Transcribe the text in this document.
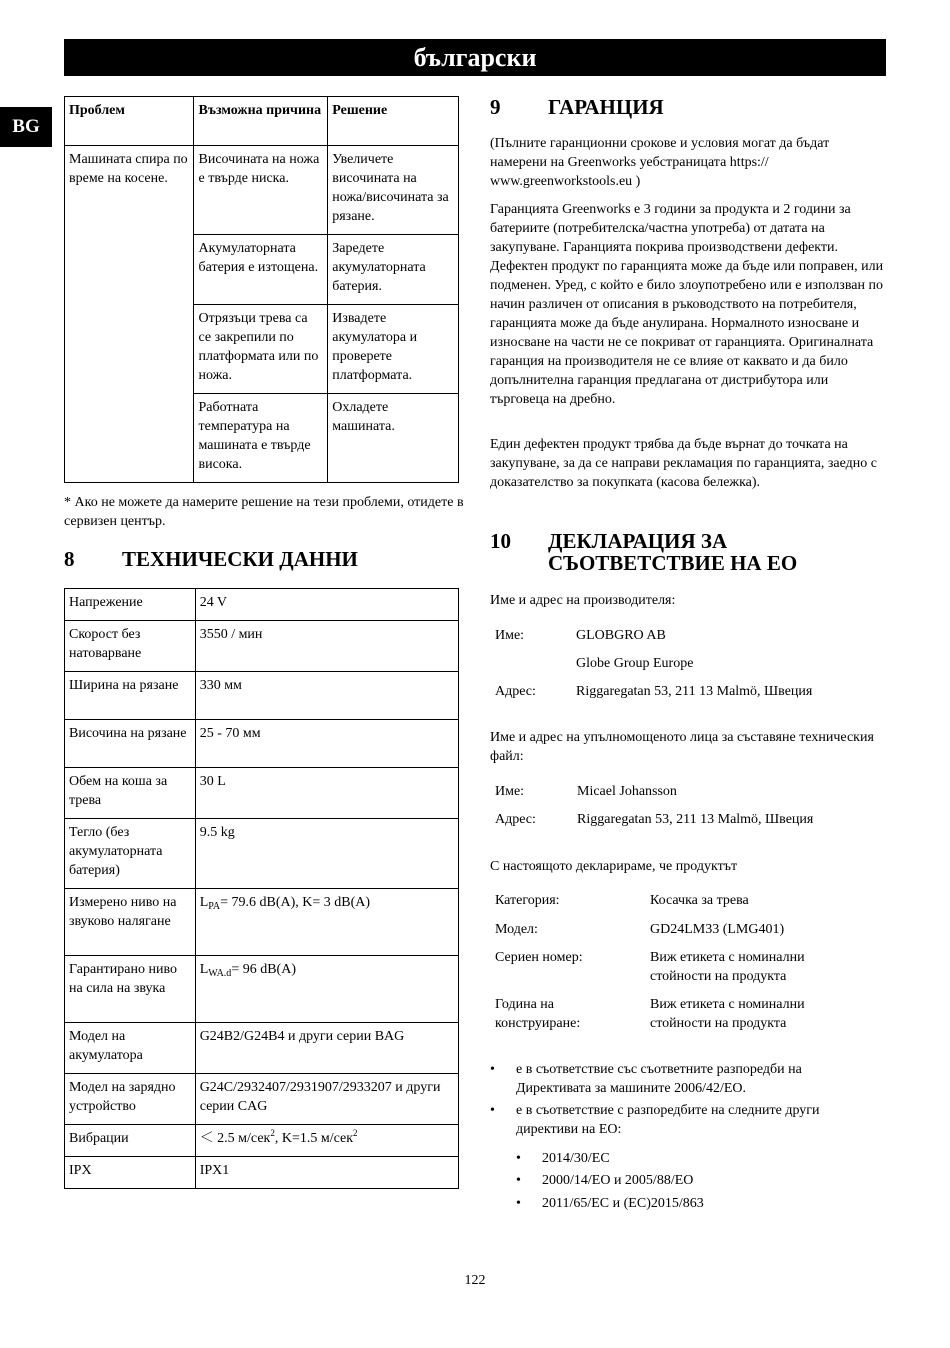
български
BG
Проблем	Възможна причина	Решение
Машината спира по време на косене.	Височината на ножа е твърде ниска.	Увеличете височината на ножа/височината за рязане.
	Акумулаторната батерия е изтощена.	Заредете акумулаторната батерия.
	Отрязъци трева са се закрепили по платформата или по ножа.	Извадете акумулатора и проверете платформата.
	Работната температура на машината е твърде висока.	Охладете машината.
* Ако не можете да намерите решение на тези проблеми, отидете в сервизен център.
8 ТЕХНИЧЕСКИ ДАННИ
Напрежение	24 V
Скорост без натоварване	3550 / мин
Ширина на рязане	330 мм
Височина на рязане	25 - 70 мм
Обем на коша за трева	30 L
Тегло (без акумулаторната батерия)	9.5 kg
Измерено ниво на звуково налягане	$L_{PA}= 79.6$ dB(A), K= 3 dB(A)
Гарантирано ниво на сила на звука	$L_{WA.d}= 96$ dB(A)
Модел на акумулатора	G24B2/G24B4 и други серии BAG
Модел на зарядно устройство	G24C/2932407/2931907/2933207 и други серии CAG
Вибрации	＜ 2.5 м/сек$^2$, K=1.5 м/сек$^2$
IPX	IPX1
9 ГАРАНЦИЯ

(Пълните гаранционни срокове и условия могат да бъдат намерени на Greenworks уебстраницата https:// www.greenworkstools.eu )

Гаранцията Greenworks е 3 години за продукта и 2 години за батериите (потребителска/частна употреба) от датата на закупуване. Гаранцията покрива производствени дефекти. Дефектен продукт по гаранцията може да бъде или поправен, или подменен. Уред, с който е било злоупотребено или е използван по начин различен от описания в ръководството на потребителя, гаранцията може да бъде анулирана. Нормалното износване и износване на части не се покриват от гаранцията. Оригиналната гаранция на производителя не се влияе от каквато и да било допълнителна гаранция предлагана от дистрибутора или търговеца на дребно.

Един дефектен продукт трябва да бъде върнат до точката на закупуване, за да се направи рекламация по гаранцията, заедно с доказателство за покупката (касова бележка).

10 ДЕКЛАРАЦИЯ ЗА
СЪОТВЕТСТВИЕ НА ЕО
Име и адрес на производителя:
Име:	GLOBGRO AB
Globe Group Europe
Адрес:	Riggaregatan 53, 211 13 Malmö, Швеция
Име и адрес на упълномощеното лица за съставяне техническия файл:
Име:	Micael Johansson
Адрес:	Riggaregatan 53, 211 13 Malmö, Швеция
С настоящото декларираме, че продуктът
Категория:	Косачка за трева
Модел:	GD24LM33 (LMG401)
Сериен номер:	Виж етикета с номинални стойности на продукта
Година на конструиране:
Виж етикета с номинални стойности на продукта
• е в съответствие със съответните разпоредби на Директивата за машините 2006/42/ЕО.
• е в съответствие с разпоредбите на следните други директиви на ЕО:
• 2014/30/EC
• 2000/14/EO и 2005/88/EO
• 2011/65/EC и (EC)2015/863
122
